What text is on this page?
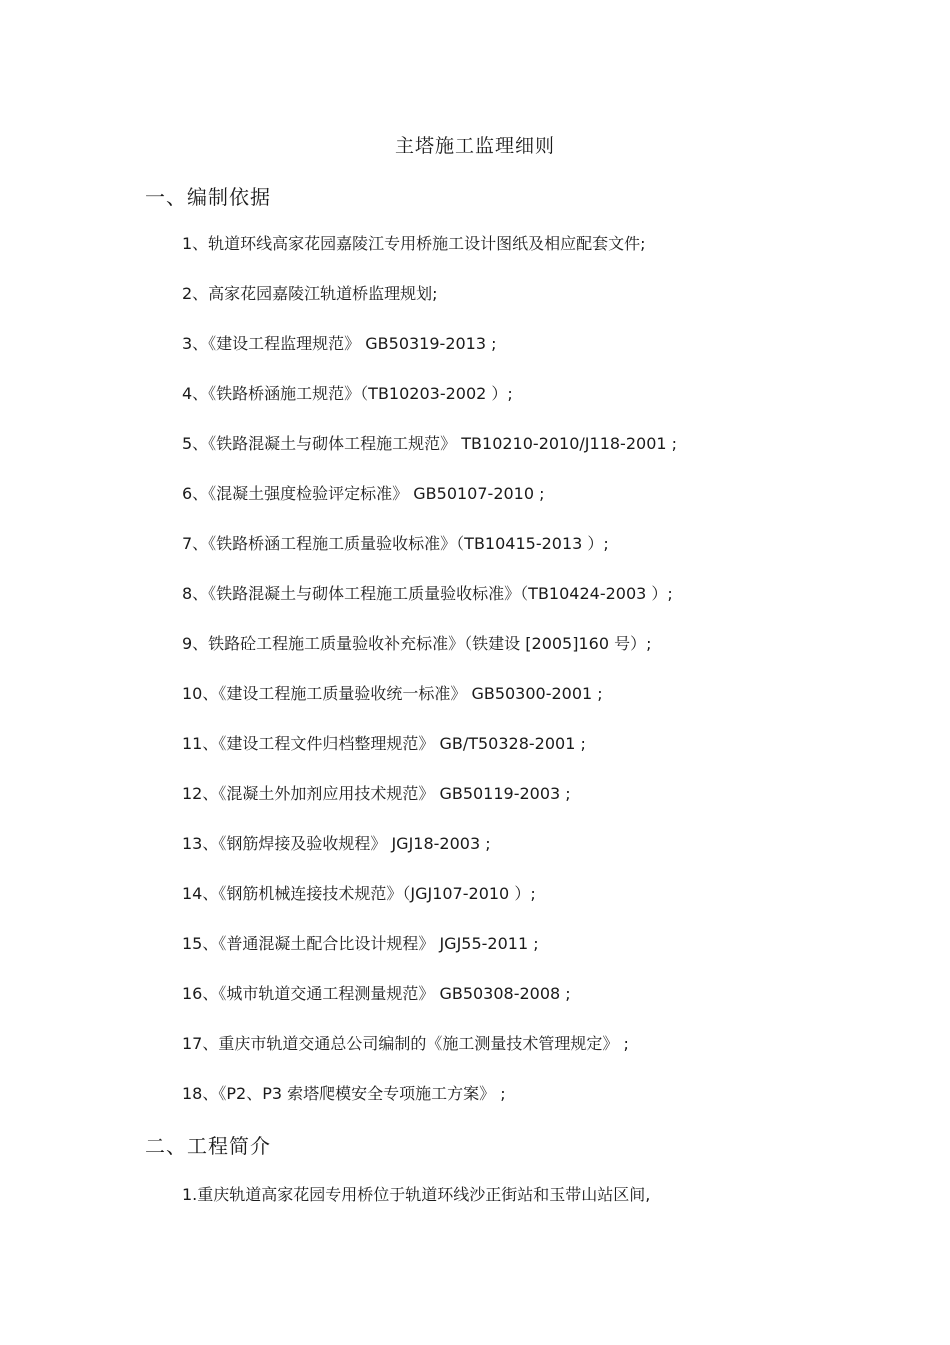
主塔施工监理细则
一、编制依据
1、轨道环线高家花园嘉陵江专用桥施工设计图纸及相应配套文件;
2、高家花园嘉陵江轨道桥监理规划;
3、《建设工程监理规范》 GB50319-2013 ;
4、《铁路桥涵施工规范》（TB10203-2002 ）;
5、《铁路混凝土与砌体工程施工规范》 TB10210-2010/J118-2001 ;
6、《混凝土强度检验评定标准》 GB50107-2010 ;
7、《铁路桥涵工程施工质量验收标准》（TB10415-2013 ）;
8、《铁路混凝土与砌体工程施工质量验收标准》（TB10424-2003 ）;
9、铁路砼工程施工质量验收补充标准》（铁建设 [2005]160 号）;
10、《建设工程施工质量验收统一标准》 GB50300-2001 ;
11、《建设工程文件归档整理规范》 GB/T50328-2001 ;
12、《混凝土外加剂应用技术规范》 GB50119-2003 ;
13、《钢筋焊接及验收规程》 JGJ18-2003 ;
14、《钢筋机械连接技术规范》（JGJ107-2010 ）;
15、《普通混凝土配合比设计规程》 JGJ55-2011 ;
16、《城市轨道交通工程测量规范》 GB50308-2008 ;
17、重庆市轨道交通总公司编制的《施工测量技术管理规定》 ;
18、《P2、P3 索塔爬模安全专项施工方案》 ;
二、工程简介
1.重庆轨道高家花园专用桥位于轨道环线沙正街站和玉带山站区间,
